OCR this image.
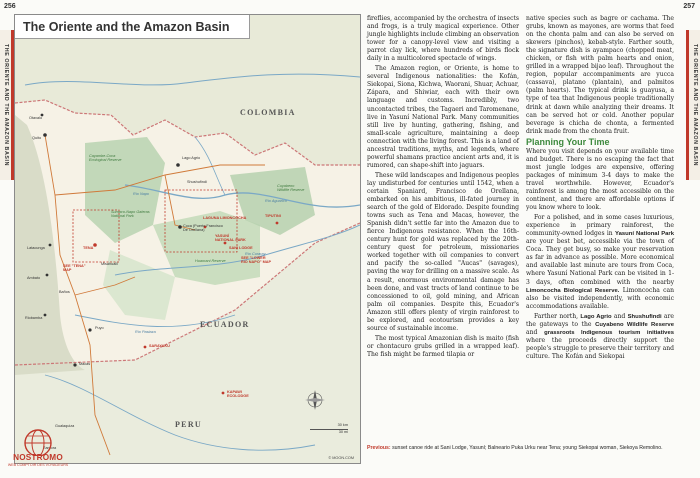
256	257
THE ORIENTE AND THE AMAZON BASIN	THE ORIENTE AND THE AMAZON BASIN
The Oriente and the Amazon Basin
COLOMBIA
ECUADOR
PERU
Quito
Otavalo
TENA
Puyo
Macas
Lago Agrio
Coca (Puerto Francisco De Orellana)
Shushufindi
Latacunga
Ambato
Riobamba
Baños
Misahualli
TIPUTINI
YASUNÍ NATIONAL PARK
Huaorani Reserve
Cuyabeno Wildlife Reserve
Sumaco-Napo Galeras National Park
Cayambe-Coca Ecological Reserve
LAGUNA LIMONCOCHA
SANI LODGE
SARAYAKU
KAPAWI ECOLODGE
SEE "TENA" MAP
SEE "LOWER RIO NAPO" MAP
Río Napo
Río Aguarico
Río Pastaza
Río Curaray
Gualaquiza
Zamora
30 km
30 mi
© MOON.COM

fireflies, accompanied by the orchestra of insects and frogs, is a truly magical experience. Other jungle highlights include climbing an observation tower for a canopy-level view and visiting a parrot clay lick, where hundreds of birds flock daily in a multicolored spectacle of wings.

The Amazon region, or Oriente, is home to several Indigenous nationalities: the Kofán, Siekopai, Siona, Kichwa, Waorani, Shuar, Achuar, Zápara, and Shiwiar, each with their own language and customs. Incredibly, two uncontacted tribes, the Tagaeri and Taromenane, live in Yasuní National Park. Many communities still live by hunting, gathering, fishing, and small-scale agriculture, maintaining a deep connection with the living forest. This is a land of ancestral traditions, myths, and legends, where powerful shamans practice ancient arts and, it is rumored, can shape-shift into jaguars.

These wild landscapes and Indigenous peoples lay undisturbed for centuries until 1542, when a certain Spaniard, Francisco de Orellana, embarked on his ambitious, ill-fated journey in search of the gold of Eldorado. Despite founding towns such as Tena and Macas, however, the Spanish didn't settle far into the Amazon due to fierce Indigenous resistance. When the 16th-century hunt for gold was replaced by the 20th-century quest for petroleum, missionaries worked together with oil companies to convert and pacify the so-called "Aucas" (savages), paving the way for drilling on a massive scale. As a result, enormous environmental damage has been done, and vast tracts of land continue to be concessioned to oil, gold mining, and African palm oil companies. Despite this, Ecuador's Amazon still offers plenty of virgin rainforest to be explored, and ecotourism provides a key source of sustainable income.

The most typical Amazonian dish is maito (fish or chontacuro grubs grilled in a wrapped leaf). The fish might be farmed tilapia or

native species such as bagre or cachama. The grubs, known as mayones, are worms that feed on the chonta palm and can also be served on skewers (pinchos), kebab-style. Farther south, the signature dish is ayampaco (chopped meat, chicken, or fish with palm hearts and onion, grilled in a wrapped bijao leaf). Throughout the region, popular accompaniments are yucca (cassava), platano (plantain), and palmitos (palm hearts). The typical drink is guayusa, a type of tea that Indigenous people traditionally drink at dawn while analyzing their dreams. It can be served hot or cold. Another popular beverage is chicha de chonta, a fermented drink made from the chonta fruit.

Planning Your Time

Where you visit depends on your available time and budget. There is no escaping the fact that most jungle lodges are expensive, offering packages of minimum 3-4 days to make the travel worthwhile. However, Ecuador's rainforest is among the most accessible on the continent, and there are affordable options if you know where to look.

For a polished, and in some cases luxurious, experience in primary rainforest, the community-owned lodges in Yasuní National Park are your best bet, accessible via the town of Coca. They get busy, so make your reservation as far in advance as possible. More economical and available last minute are tours from Coca, where Yasuní National Park can be visited in 1-3 days, often combined with the nearby Limoncocha Biological Reserve. Limoncocha can also be visited independently, with economic accommodations available.

Farther north, Lago Agrio and Shushufindi are the gateways to the Cuyabeno Wildlife Reserve and grassroots Indigenous tourism initiatives where the proceeds directly support the people's struggle to preserve their territory and culture. The Kofán and Siekopai

Previous: sunset canoe ride at Sani Lodge, Yasuní; Balneario Puka Urku near Tena; young Siekopai woman, Siekoya Remolino.
NOSTROMO
WEB COMPTOIR DES VOYAGEURS
